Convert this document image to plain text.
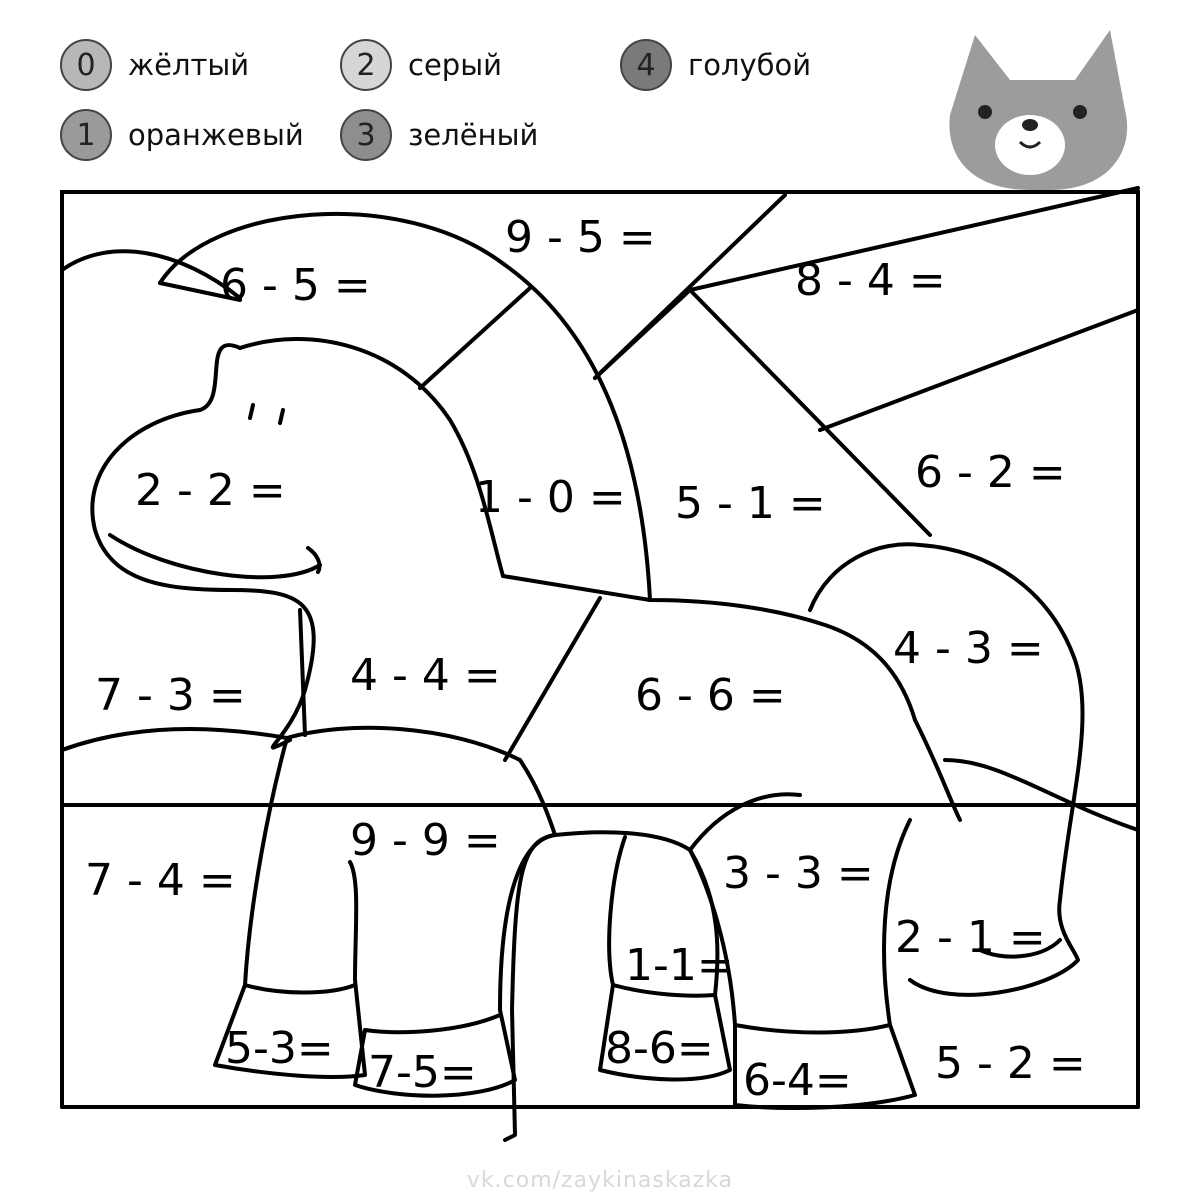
0	жёлтый
1	оранжевый
2	серый
3	зелёный
4	голубой
9 - 5 =
6 - 5 =	8 - 4 =
2 - 2 =	1 - 0 = 5 - 1 =
6 - 2 =
4 - 3 =
7 - 3 = 4 - 4 =	6 - 6 =
9 - 9 =
3 - 3 =
7 - 4 =
2 - 1 =
1-1=
5-3= 7-5=	8-6=
6-4= 5 - 2 =
vk.com/zaykinaskazka
